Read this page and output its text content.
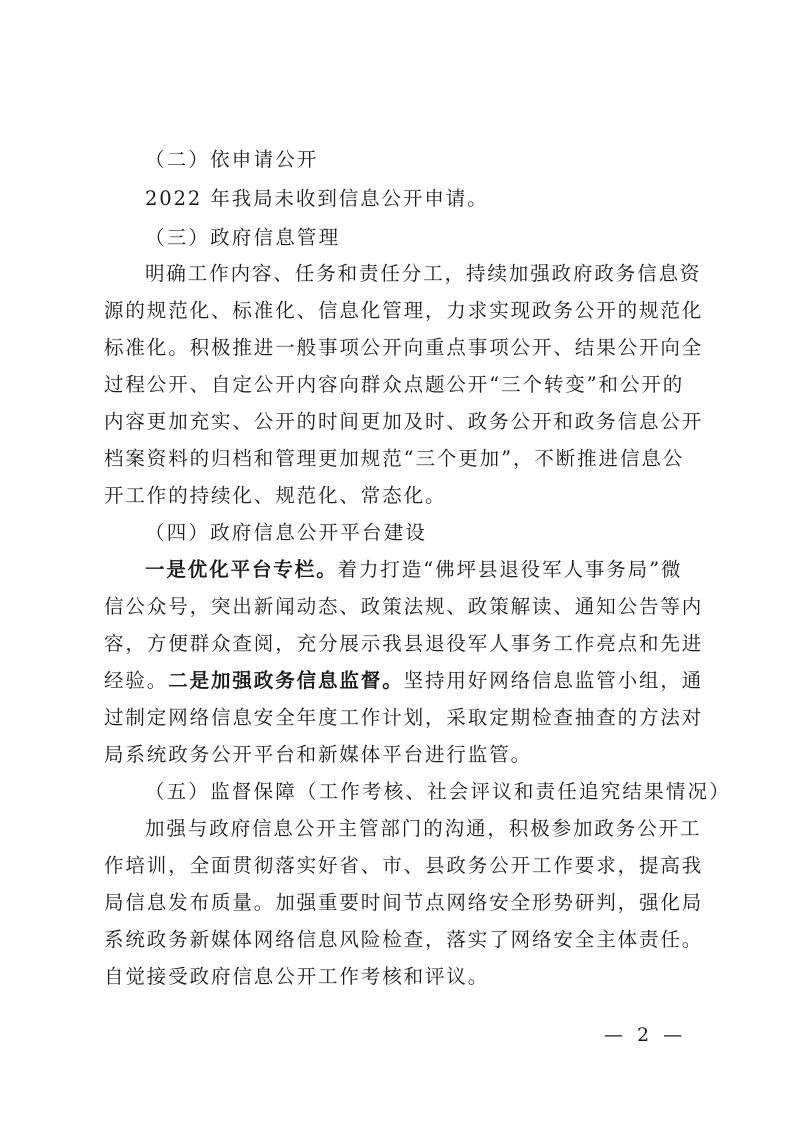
（二）依申请公开
2022 年我局未收到信息公开申请。
（三）政府信息管理
明确工作内容、任务和责任分工，持续加强政府政务信息资
源的规范化、标准化、信息化管理，力求实现政务公开的规范化
标准化。积极推进一般事项公开向重点事项公开、结果公开向全
过程公开、自定公开内容向群众点题公开“三个转变”和公开的
内容更加充实、公开的时间更加及时、政务公开和政务信息公开
档案资料的归档和管理更加规范“三个更加”，不断推进信息公
开工作的持续化、规范化、常态化。
（四）政府信息公开平台建设
一是优化平台专栏。着力打造“佛坪县退役军人事务局”微
信公众号，突出新闻动态、政策法规、政策解读、通知公告等内
容，方便群众查阅，充分展示我县退役军人事务工作亮点和先进
经验。二是加强政务信息监督。坚持用好网络信息监管小组，通
过制定网络信息安全年度工作计划，采取定期检查抽查的方法对
局系统政务公开平台和新媒体平台进行监管。
（五）监督保障（工作考核、社会评议和责任追究结果情况）
加强与政府信息公开主管部门的沟通，积极参加政务公开工
作培训，全面贯彻落实好省、市、县政务公开工作要求，提高我
局信息发布质量。加强重要时间节点网络安全形势研判，强化局
系统政务新媒体网络信息风险检查，落实了网络安全主体责任。
自觉接受政府信息公开工作考核和评议。
— 2 —
